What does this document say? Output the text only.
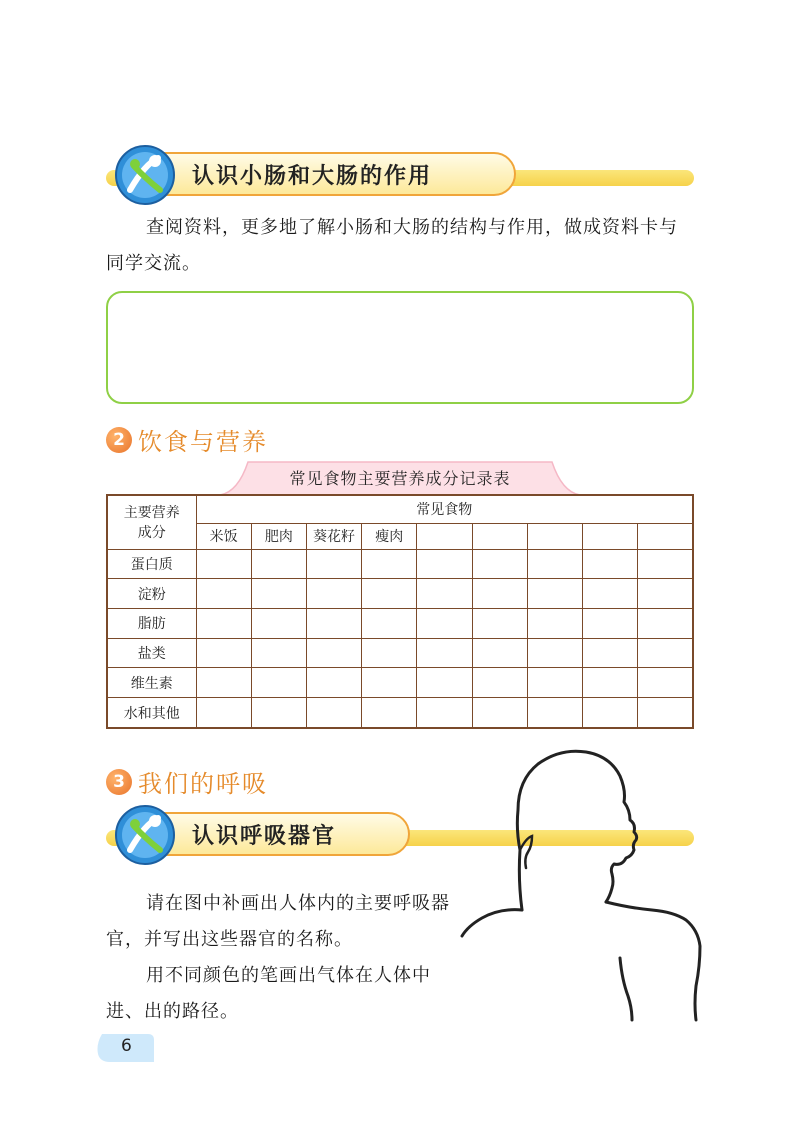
认识小肠和大肠的作用
查阅资料，更多地了解小肠和大肠的结构与作用，做成资料卡与同学交流。
2 饮食与营养
常见食物主要营养成分记录表
主要营养
成分	常见食物								
	米饭	肥肉	葵花籽	瘦肉					
蛋白质									
淀粉									
脂肪									
盐类									
维生素									
水和其他									
3 我们的呼吸
认识呼吸器官
请在图中补画出人体内的主要呼吸器官，并写出这些器官的名称。
用不同颜色的笔画出气体在人体中进、出的路径。
6
